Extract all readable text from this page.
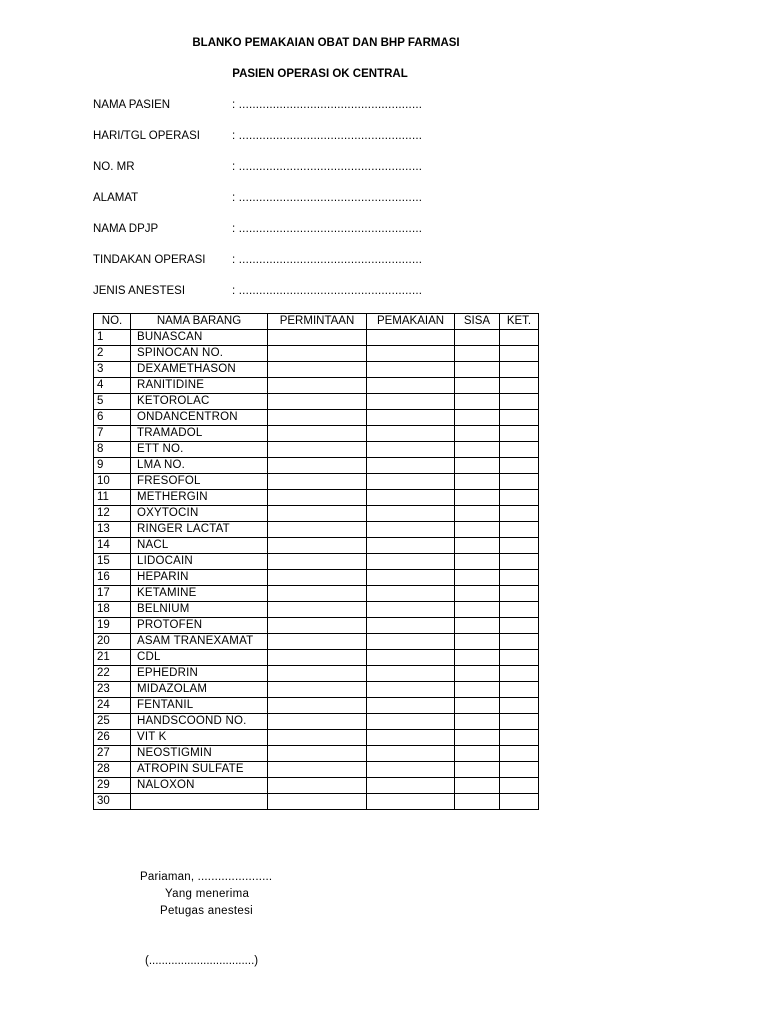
BLANKO PEMAKAIAN OBAT DAN BHP FARMASI
PASIEN OPERASI OK CENTRAL
NAMA PASIEN	: ......................................................
HARI/TGL OPERASI	: ......................................................
NO. MR	: ......................................................
ALAMAT	: ......................................................
NAMA DPJP	: ......................................................
TINDAKAN OPERASI : ......................................................
JENIS ANESTESI	: ......................................................
NO.	NAMA BARANG	PERMINTAAN	PEMAKAIAN	SISA	KET.
1	BUNASCAN				
2	SPINOCAN NO.				
3	DEXAMETHASON				
4	RANITIDINE				
5	KETOROLAC				
6	ONDANCENTRON				
7	TRAMADOL				
8	ETT NO.				
9	LMA NO.				
10	FRESOFOL				
11	METHERGIN				
12	OXYTOCIN				
13	RINGER LACTAT				
14	NACL				
15	LIDOCAIN				
16	HEPARIN				
17	KETAMINE				
18	BELNIUM				
19	PROTOFEN				
20	ASAM TRANEXAMAT				
21	CDL				
22	EPHEDRIN				
23	MIDAZOLAM				
24	FENTANIL				
25	HANDSCOOND NO.				
26	VIT K				
27	NEOSTIGMIN				
28	ATROPIN SULFATE				
29	NALOXON				
30					
Pariaman, ......................
Yang menerima
Petugas anestesi
(.................................)
